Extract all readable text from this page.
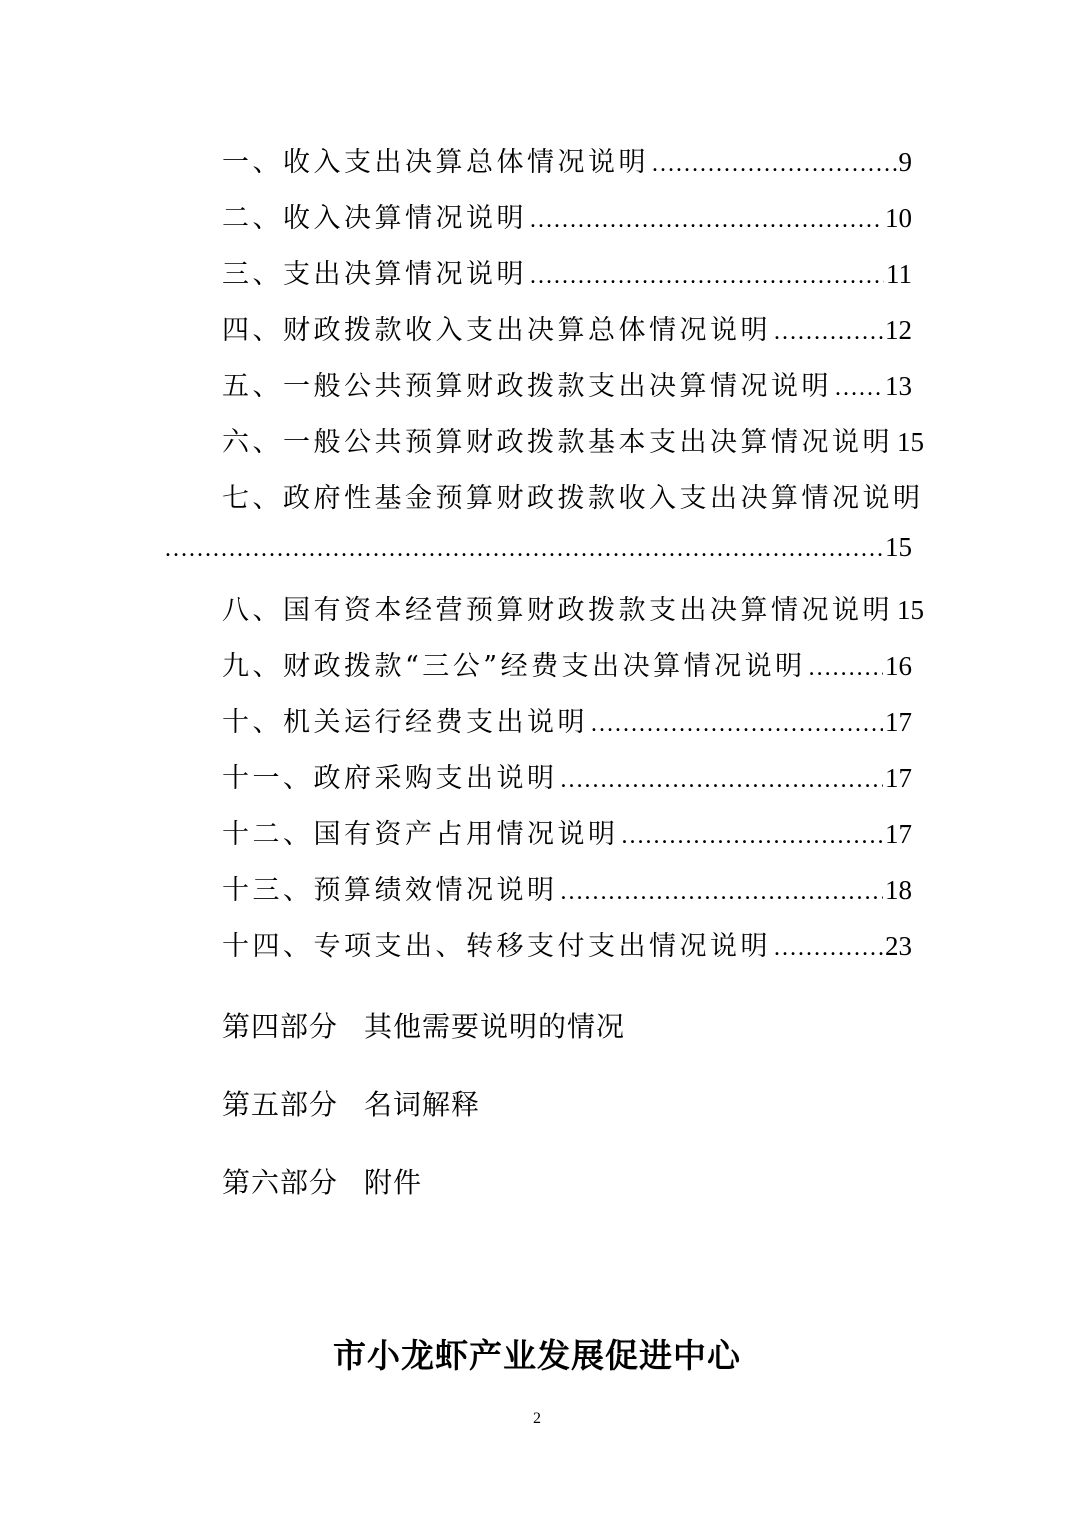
一、收入支出决算总体情况说明 ……………………………………………………………………………………………………	9
二、收入决算情况说明 ……………………………………………………………………………………………………	10
三、支出决算情况说明 ……………………………………………………………………………………………………	11
四、财政拨款收入支出决算总体情况说明 ……………………………………………………………………………………………………	12
五、一般公共预算财政拨款支出决算情况说明 …………………………………………………………………………………………………… 13
六、一般公共预算财政拨款基本支出决算情况说明 15
七、政府性基金预算财政拨款收入支出决算情况说明
………………………………………………………………………………………………………………
15
八、国有资本经营预算财政拨款支出决算情况说明 15
九、财政拨款“三公”经费支出决算情况说明 ……………………………………………………………………………………………………	16
十、机关运行经费支出说明 ……………………………………………………………………………………………………	17
十一、政府采购支出说明 ……………………………………………………………………………………………………	17
十二、国有资产占用情况说明 ……………………………………………………………………………………………………	17
十三、预算绩效情况说明 ……………………………………………………………………………………………………	18
十四、专项支出、转移支付支出情况说明 ……………………………………………………………………………………………………	23
第四部分 其他需要说明的情况
第五部分 名词解释
第六部分 附件
市小龙虾产业发展促进中心
2
